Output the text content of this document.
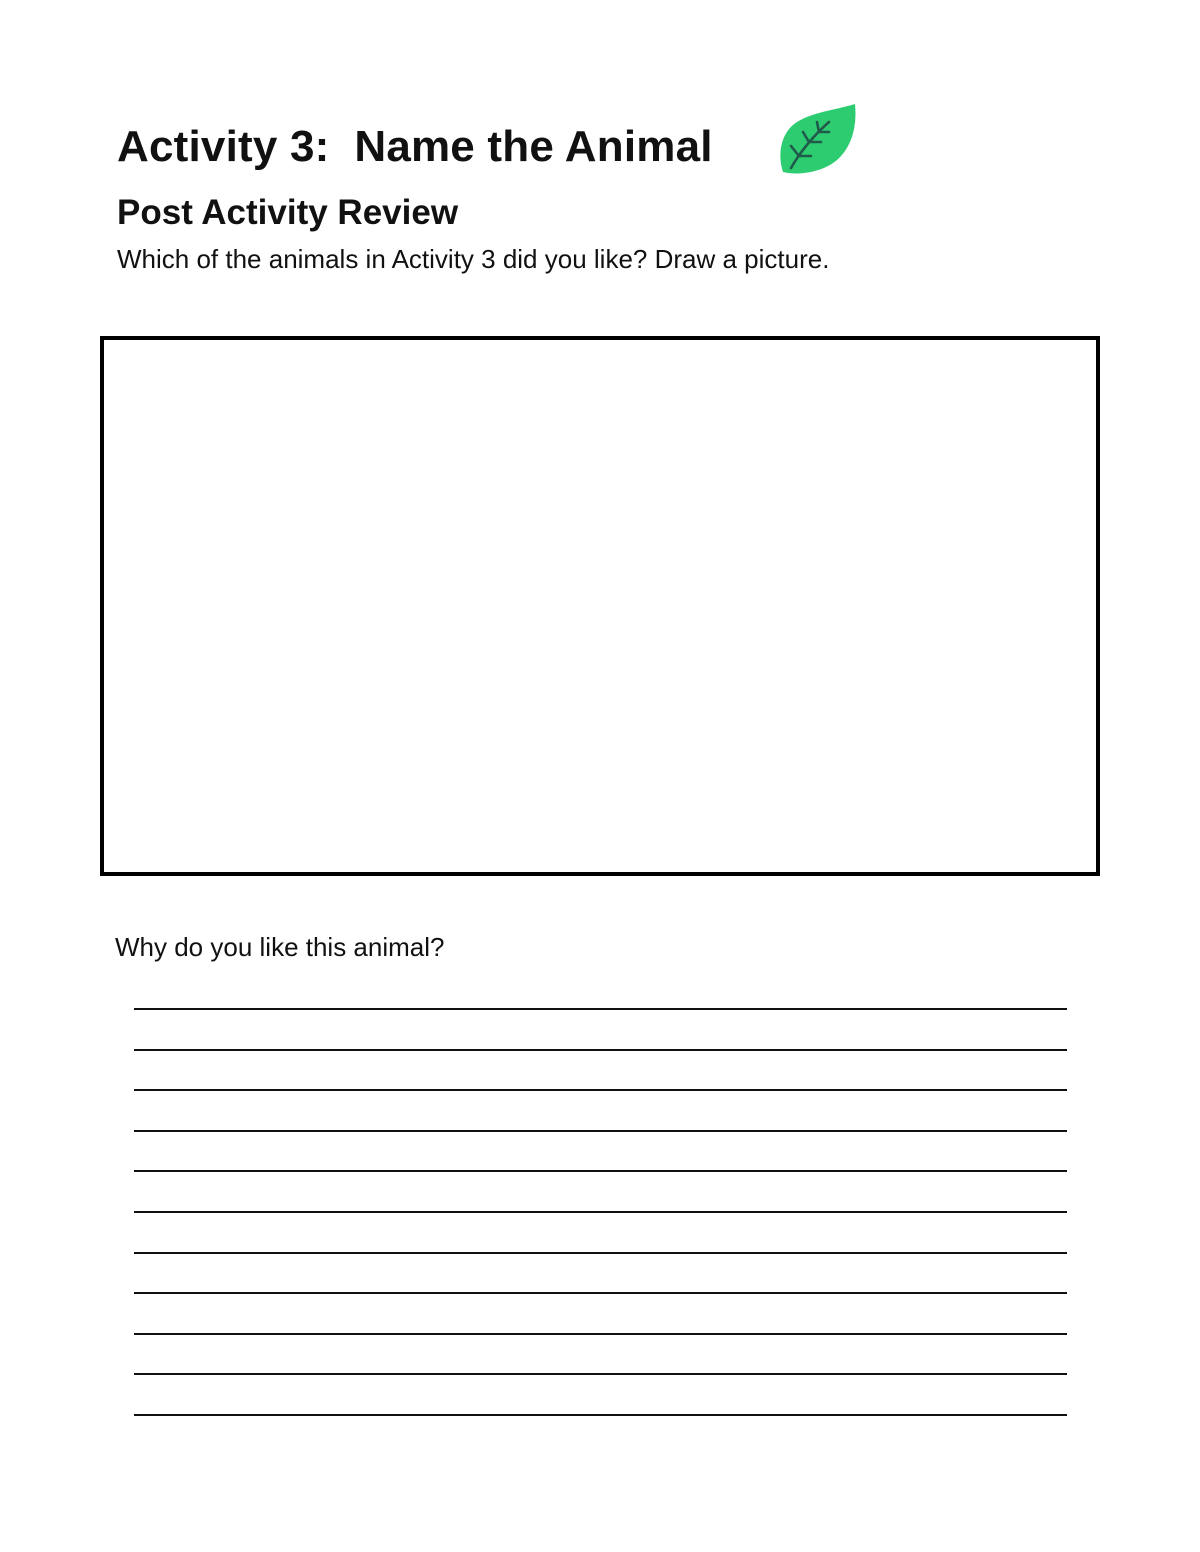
Activity 3:  Name the Animal
Post Activity Review
Which of the animals in Activity 3 did you like? Draw a picture.
Why do you like this animal?
